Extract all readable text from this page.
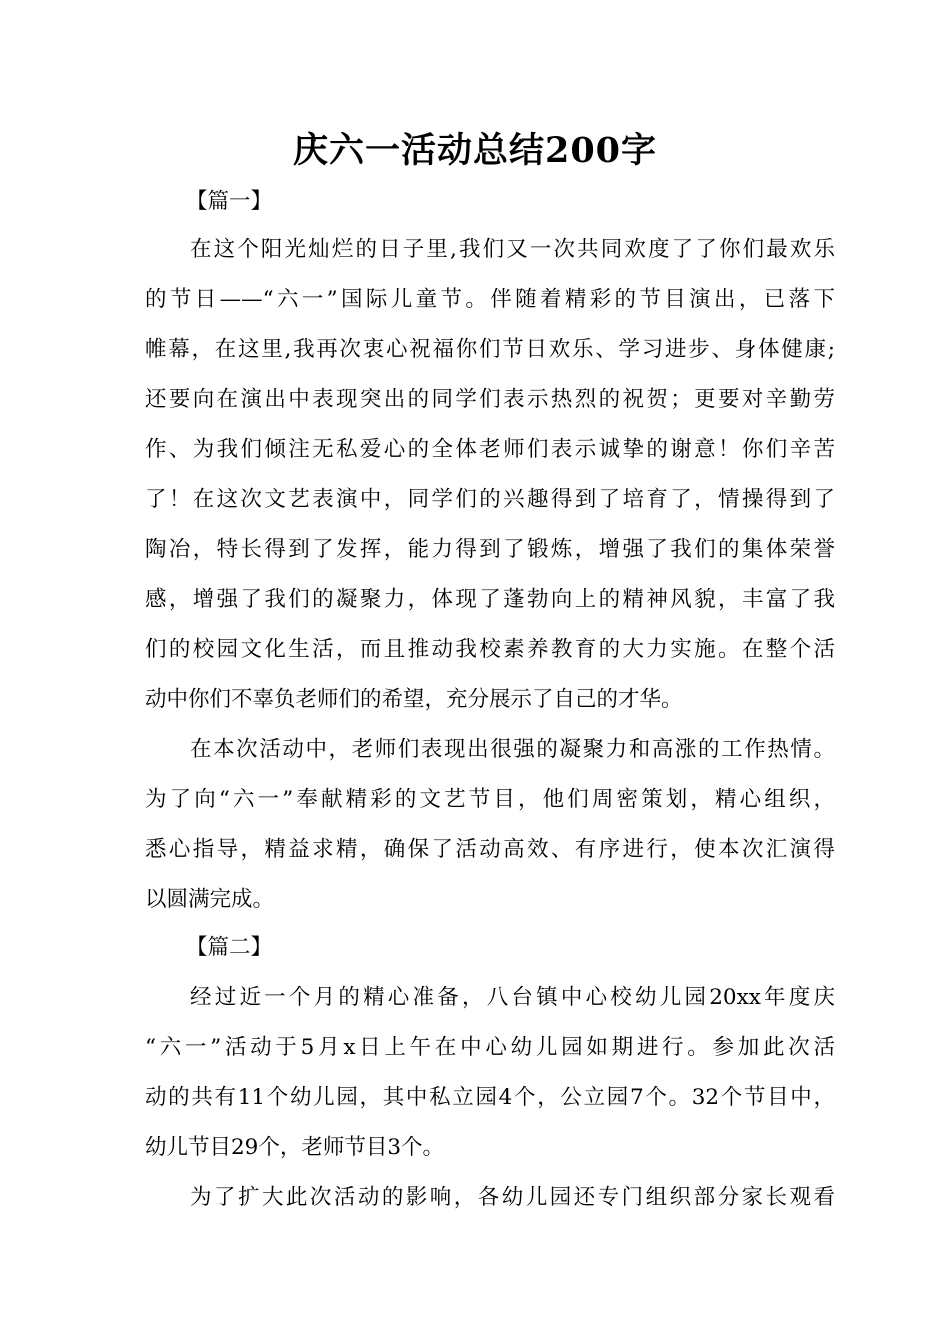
庆六一活动总结200字
【篇一】
在这个阳光灿烂的日子里,我们又一次共同欢度了了你们最欢乐
的节日——“六一”国际儿童节。伴随着精彩的节目演出，已落下
帷幕，在这里,我再次衷心祝福你们节日欢乐、学习进步、身体健康;
还要向在演出中表现突出的同学们表示热烈的祝贺；更要对辛勤劳
作、为我们倾注无私爱心的全体老师们表示诚挚的谢意！你们辛苦
了！在这次文艺表演中，同学们的兴趣得到了培育了，情操得到了
陶冶，特长得到了发挥，能力得到了锻炼，增强了我们的集体荣誉
感，增强了我们的凝聚力，体现了蓬勃向上的精神风貌，丰富了我
们的校园文化生活，而且推动我校素养教育的大力实施。在整个活
动中你们不辜负老师们的希望，充分展示了自己的才华。
在本次活动中，老师们表现出很强的凝聚力和高涨的工作热情。
为了向“六一”奉献精彩的文艺节目，他们周密策划，精心组织，
悉心指导，精益求精，确保了活动高效、有序进行，使本次汇演得
以圆满完成。
【篇二】
经过近一个月的精心准备，八台镇中心校幼儿园20xx年度庆
“六一”活动于5月x日上午在中心幼儿园如期进行。参加此次活
动的共有11个幼儿园，其中私立园4个，公立园7个。32个节目中，
幼儿节目29个，老师节目3个。
为了扩大此次活动的影响，各幼儿园还专门组织部分家长观看
